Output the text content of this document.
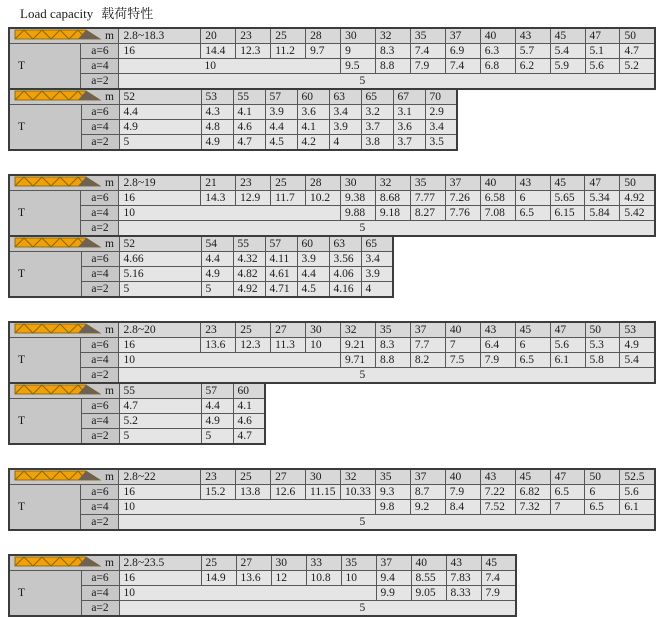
Load capacity 载荷特性
m		2.8~18.3	20	23	25	28	30	32	35	37	40	43	45	47	50
T	a=6	16	14.4	12.3	11.2	9.7	9	8.3	7.4	6.9	6.3	5.7	5.4	5.1	4.7
	a=4	10					9.5	8.8	7.9	7.4	6.8	6.2	5.9	5.6	5.2
	a=2	5													
m		52	53	55	57	60	63	65	67	70
T	a=6	4.4	4.3	4.1	3.9	3.6	3.4	3.2	3.1	2.9
	a=4	4.9	4.8	4.6	4.4	4.1	3.9	3.7	3.6	3.4
	a=2	5	4.9	4.7	4.5	4.2	4	3.8	3.7	3.5
m		2.8~19	21	23	25	28	30	32	35	37	40	43	45	47	50
T	a=6	16	14.3	12.9	11.7	10.2	9.38	8.68	7.77	7.26	6.58	6	5.65	5.34	4.92
	a=4	10					9.88	9.18	8.27	7.76	7.08	6.5	6.15	5.84	5.42
	a=2	5													
m		52	54	55	57	60	63	65
T	a=6	4.66	4.4	4.32	4.11	3.9	3.56	3.4
	a=4	5.16	4.9	4.82	4.61	4.4	4.06	3.9
	a=2	5	5	4.92	4.71	4.5	4.16	4
m		2.8~20	23	25	27	30	32	35	37	40	43	45	47	50	53
T	a=6	16	13.6	12.3	11.3	10	9.21	8.3	7.7	7	6.4	6	5.6	5.3	4.9
	a=4	10					9.71	8.8	8.2	7.5	7.9	6.5	6.1	5.8	5.4
	a=2	5													
m		55	57	60
T	a=6	4.7	4.4	4.1
	a=4	5.2	4.9	4.6
	a=2	5	5	4.7
m		2.8~22	23	25	27	30	32	35	37	40	43	45	47	50	52.5
T	a=6	16	15.2	13.8	12.6	11.15	10.33	9.3	8.7	7.9	7.22	6.82	6.5	6	5.6
	a=4	10						9.8	9.2	8.4	7.52	7.32	7	6.5	6.1
	a=2	5													
m		2.8~23.5	25	27	30	33	35	37	40	43	45
T	a=6	16	14.9	13.6	12	10.8	10	9.4	8.55	7.83	7.4
	a=4	10						9.9	9.05	8.33	7.9
	a=2	5									
